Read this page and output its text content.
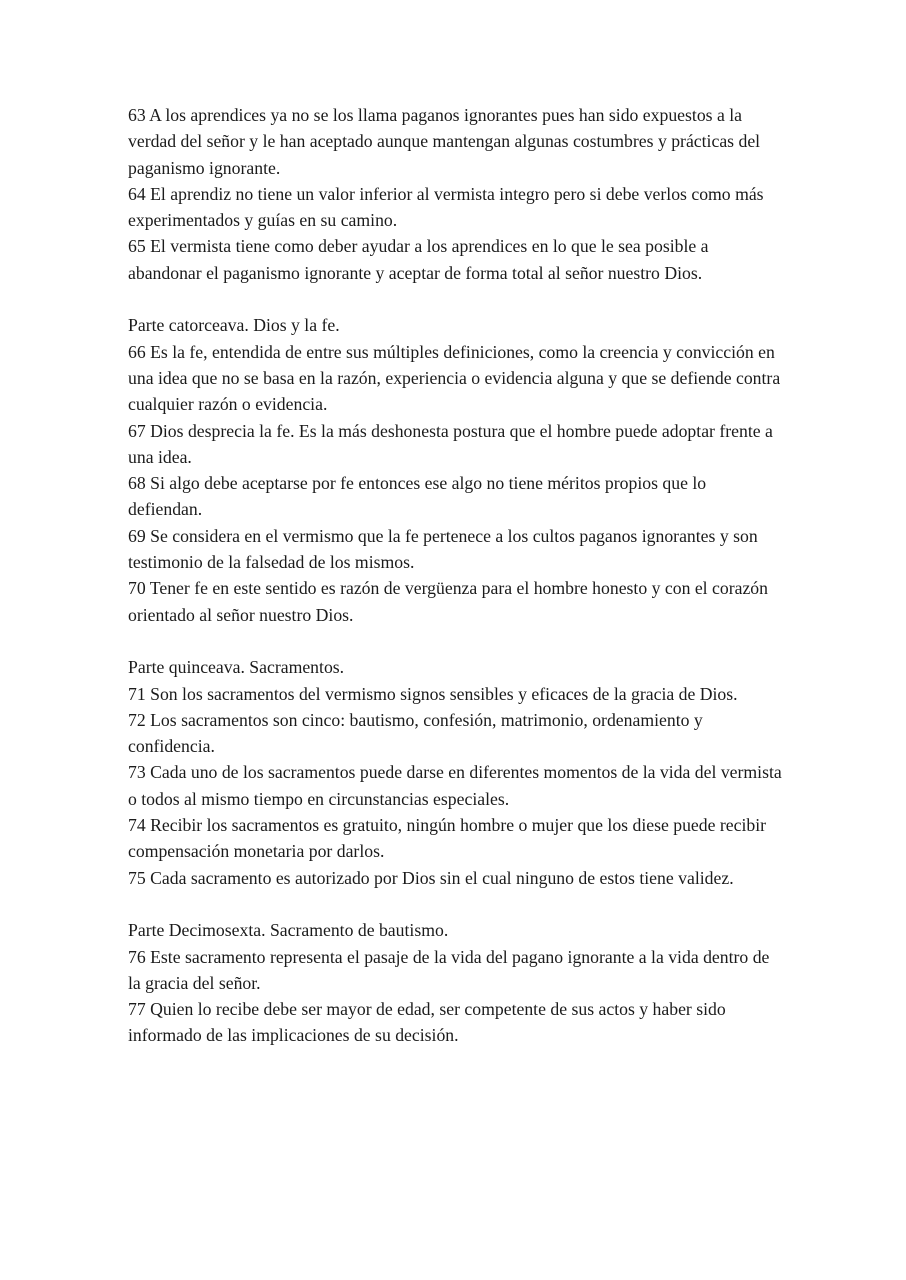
63 A los aprendices ya no se los llama paganos ignorantes pues han sido expuestos a la verdad del señor y le han aceptado aunque mantengan algunas costumbres y prácticas del paganismo ignorante.

64 El aprendiz no tiene un valor inferior al vermista integro pero si debe verlos como más experimentados y guías en su camino.

65 El vermista tiene como deber ayudar a los aprendices en lo que le sea posible a abandonar el paganismo ignorante y aceptar de forma total al señor nuestro Dios.

Parte catorceava. Dios y la fe.

66 Es la fe, entendida de entre sus múltiples definiciones, como la creencia y convicción en una idea que no se basa en la razón, experiencia o evidencia alguna y que se defiende contra cualquier razón o evidencia.

67 Dios desprecia la fe. Es la más deshonesta postura que el hombre puede adoptar frente a una idea.

68 Si algo debe aceptarse por fe entonces ese algo no tiene méritos propios que lo defiendan.

69 Se considera en el vermismo que la fe pertenece a los cultos paganos ignorantes y son testimonio de la falsedad de los mismos.

70 Tener fe en este sentido es razón de vergüenza para el hombre honesto y con el corazón orientado al señor nuestro Dios.

Parte quinceava. Sacramentos.

71 Son los sacramentos del vermismo signos sensibles y eficaces de la gracia de Dios.

72 Los sacramentos son cinco: bautismo, confesión, matrimonio, ordenamiento y confidencia.

73 Cada uno de los sacramentos puede darse en diferentes momentos de la vida del vermista o todos al mismo tiempo en circunstancias especiales.

74 Recibir los sacramentos es gratuito, ningún hombre o mujer que los diese puede recibir compensación monetaria por darlos.

75 Cada sacramento es autorizado por Dios sin el cual ninguno de estos tiene validez.

Parte Decimosexta. Sacramento de bautismo.

76 Este sacramento representa el pasaje de la vida del pagano ignorante a la vida dentro de la gracia del señor.

77 Quien lo recibe debe ser mayor de edad, ser competente de sus actos y haber sido informado de las implicaciones de su decisión.
